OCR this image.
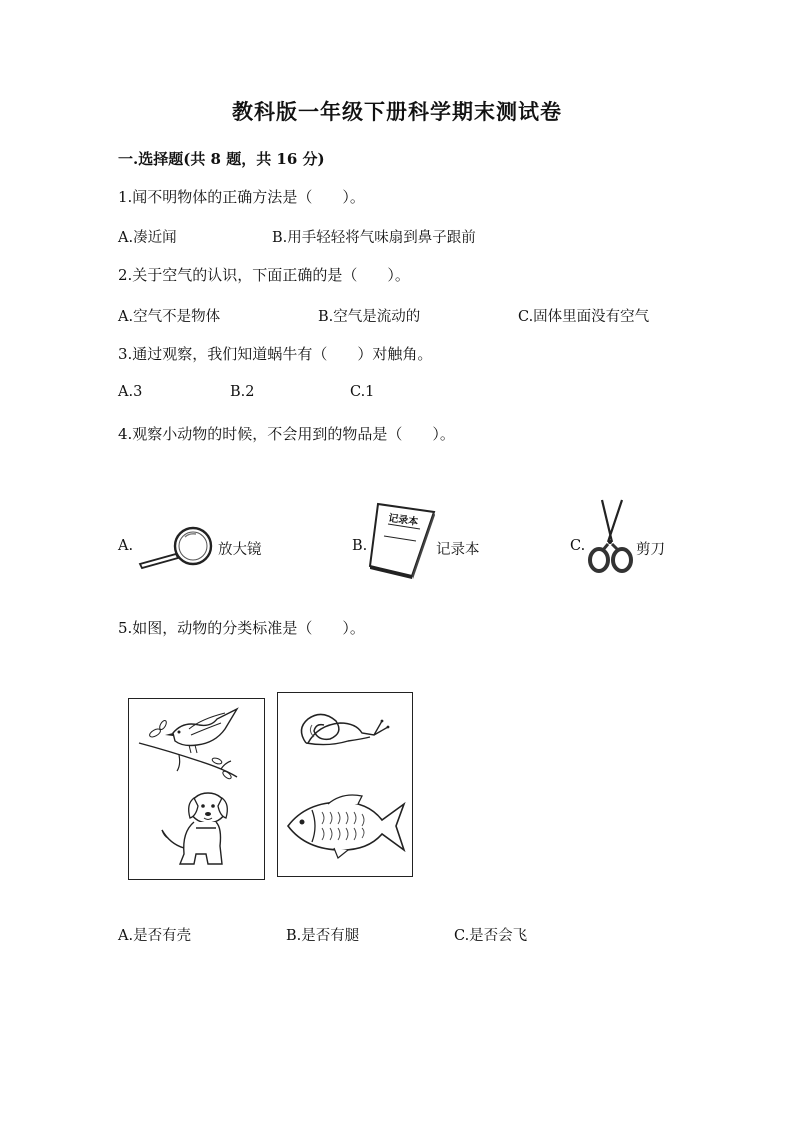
教科版一年级下册科学期末测试卷
一.选择题(共 8 题，共 16 分)
1.闻不明物体的正确方法是（　　）。
A.凑近闻	B.用手轻轻将气味扇到鼻子跟前
2.关于空气的认识，下面正确的是（　　）。
A.空气不是物体	B.空气是流动的	C.固体里面没有空气
3.通过观察，我们知道蜗牛有（　　）对触角。
A.3	B.2	C.1
4.观察小动物的时候，不会用到的物品是（　　）。
A.	放大镜	B.
记录本
记录本	C.	剪刀
5.如图，动物的分类标准是（　　）。
A.是否有壳	B.是否有腿	C.是否会飞
